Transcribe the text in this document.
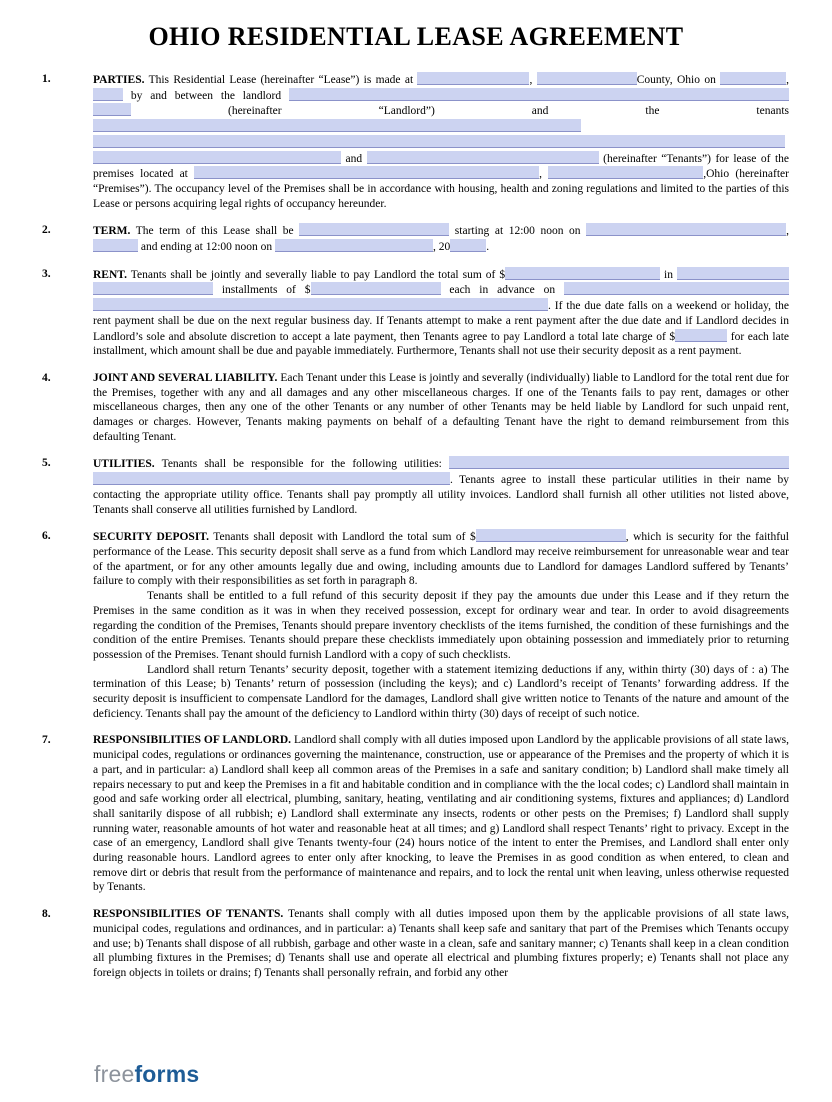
OHIO RESIDENTIAL LEASE AGREEMENT
1.	PARTIES. This Residential Lease (hereinafter “Lease”) is made at	,	County, Ohio on	,  by and between the landlord  (hereinafter “Landlord”) and the tenants  and	(hereinafter “Tenants”) for lease of the premises located at	,	,Ohio (hereinafter “Premises”). The occupancy level of the Premises shall be in accordance with housing, health and zoning regulations and limited to the parties of this Lease or persons acquiring legal rights of occupancy hereunder.

2.	TERM. The term of this Lease shall be	starting at 12:00 noon on	,  and ending at 12:00 noon on	, 20	.

3.	RENT. Tenants shall be jointly and severally liable to pay Landlord the total sum of $	in  installments of $	each in advance on . If the due date falls on a weekend or holiday, the rent payment shall be due on the next regular business day. If Tenants attempt to make a rent payment after the due date and if Landlord decides in Landlord’s sole and absolute discretion to accept a late payment, then Tenants agree to pay Landlord a total late charge of $	for each late installment, which amount shall be due and payable immediately. Furthermore, Tenants shall not use their security deposit as a rent payment.

4.	JOINT AND SEVERAL LIABILITY. Each Tenant under this Lease is jointly and severally (individually) liable to Landlord for the total rent due for the Premises, together with any and all damages and any other miscellaneous charges. If one of the Tenants fails to pay rent, damages or other miscellaneous charges, then any one of the other Tenants or any number of other Tenants may be held liable by Landlord for such unpaid rent, damages or charges. However, Tenants making payments on behalf of a defaulting Tenant have the right to demand reimbursement from this defaulting Tenant.

5.	UTILITIES. Tenants shall be responsible for the following utilities: . Tenants agree to install these particular utilities in their name by contacting the appropriate utility office. Tenants shall pay promptly all utility invoices. Landlord shall furnish all other utilities not listed above, Tenants shall conserve all utilities furnished by Landlord.

6.	SECURITY DEPOSIT. Tenants shall deposit with Landlord the total sum of $	, which is security for the faithful performance of the Lease. This security deposit shall serve as a fund from which Landlord may receive reimbursement for unreasonable wear and tear of the apartment, or for any other amounts legally due and owing, including amounts due to Landlord for damages Landlord suffered by Tenants’ failure to comply with their responsibilities as set forth in paragraph 8.

Tenants shall be entitled to a full refund of this security deposit if they pay the amounts due under this Lease and if they return the Premises in the same condition as it was in when they received possession, except for ordinary wear and tear. In order to avoid disagreements regarding the condition of the Premises, Tenants should prepare inventory checklists of the items furnished, the condition of these furnishings and the condition of the entire Premises. Tenants should prepare these checklists immediately upon obtaining possession and immediately prior to returning possession of the Premises. Tenant should furnish Landlord with a copy of such checklists.

Landlord shall return Tenants’ security deposit, together with a statement itemizing deductions if any, within thirty (30) days of : a) The termination of this Lease; b) Tenants’ return of possession (including the keys); and c) Landlord’s receipt of Tenants’ forwarding address. If the security deposit is insufficient to compensate Landlord for the damages, Landlord shall give written notice to Tenants of the nature and amount of the deficiency. Tenants shall pay the amount of the deficiency to Landlord within thirty (30) days of receipt of such notice.

7.	RESPONSIBILITIES OF LANDLORD. Landlord shall comply with all duties imposed upon Landlord by the applicable provisions of all state laws, municipal codes, regulations or ordinances governing the maintenance, construction, use or appearance of the Premises and the property of which it is a part, and in particular: a) Landlord shall keep all common areas of the Premises in a safe and sanitary condition; b) Landlord shall make timely all repairs necessary to put and keep the Premises in a fit and habitable condition and in compliance with the the local codes; c) Landlord shall maintain in good and safe working order all electrical, plumbing, sanitary, heating, ventilating and air conditioning systems, fixtures and appliances; d) Landlord shall sanitarily dispose of all rubbish; e) Landlord shall exterminate any insects, rodents or other pests on the Premises; f) Landlord shall supply running water, reasonable amounts of hot water and reasonable heat at all times; and g) Landlord shall respect Tenants’ right to privacy. Except in the case of an emergency, Landlord shall give Tenants twenty-four (24) hours notice of the intent to enter the Premises, and Landlord shall enter only during reasonable hours. Landlord agrees to enter only after knocking, to leave the Premises in as good condition as when entered, to clean and remove dirt or debris that result from the performance of maintenance and repairs, and to lock the rental unit when leaving, unless otherwise requested by Tenants.

8.	RESPONSIBILITIES OF TENANTS. Tenants shall comply with all duties imposed upon them by the applicable provisions of all state laws, municipal codes, regulations and ordinances, and in particular: a) Tenants shall keep safe and sanitary that part of the Premises which Tenants occupy and use; b) Tenants shall dispose of all rubbish, garbage and other waste in a clean, safe and sanitary manner; c) Tenants shall keep in a clean condition all plumbing fixtures in the Premises; d) Tenants shall use and operate all electrical and plumbing fixtures properly; e) Tenants shall not place any foreign objects in toilets or drains; f) Tenants shall personally refrain, and forbid any other

freeforms
